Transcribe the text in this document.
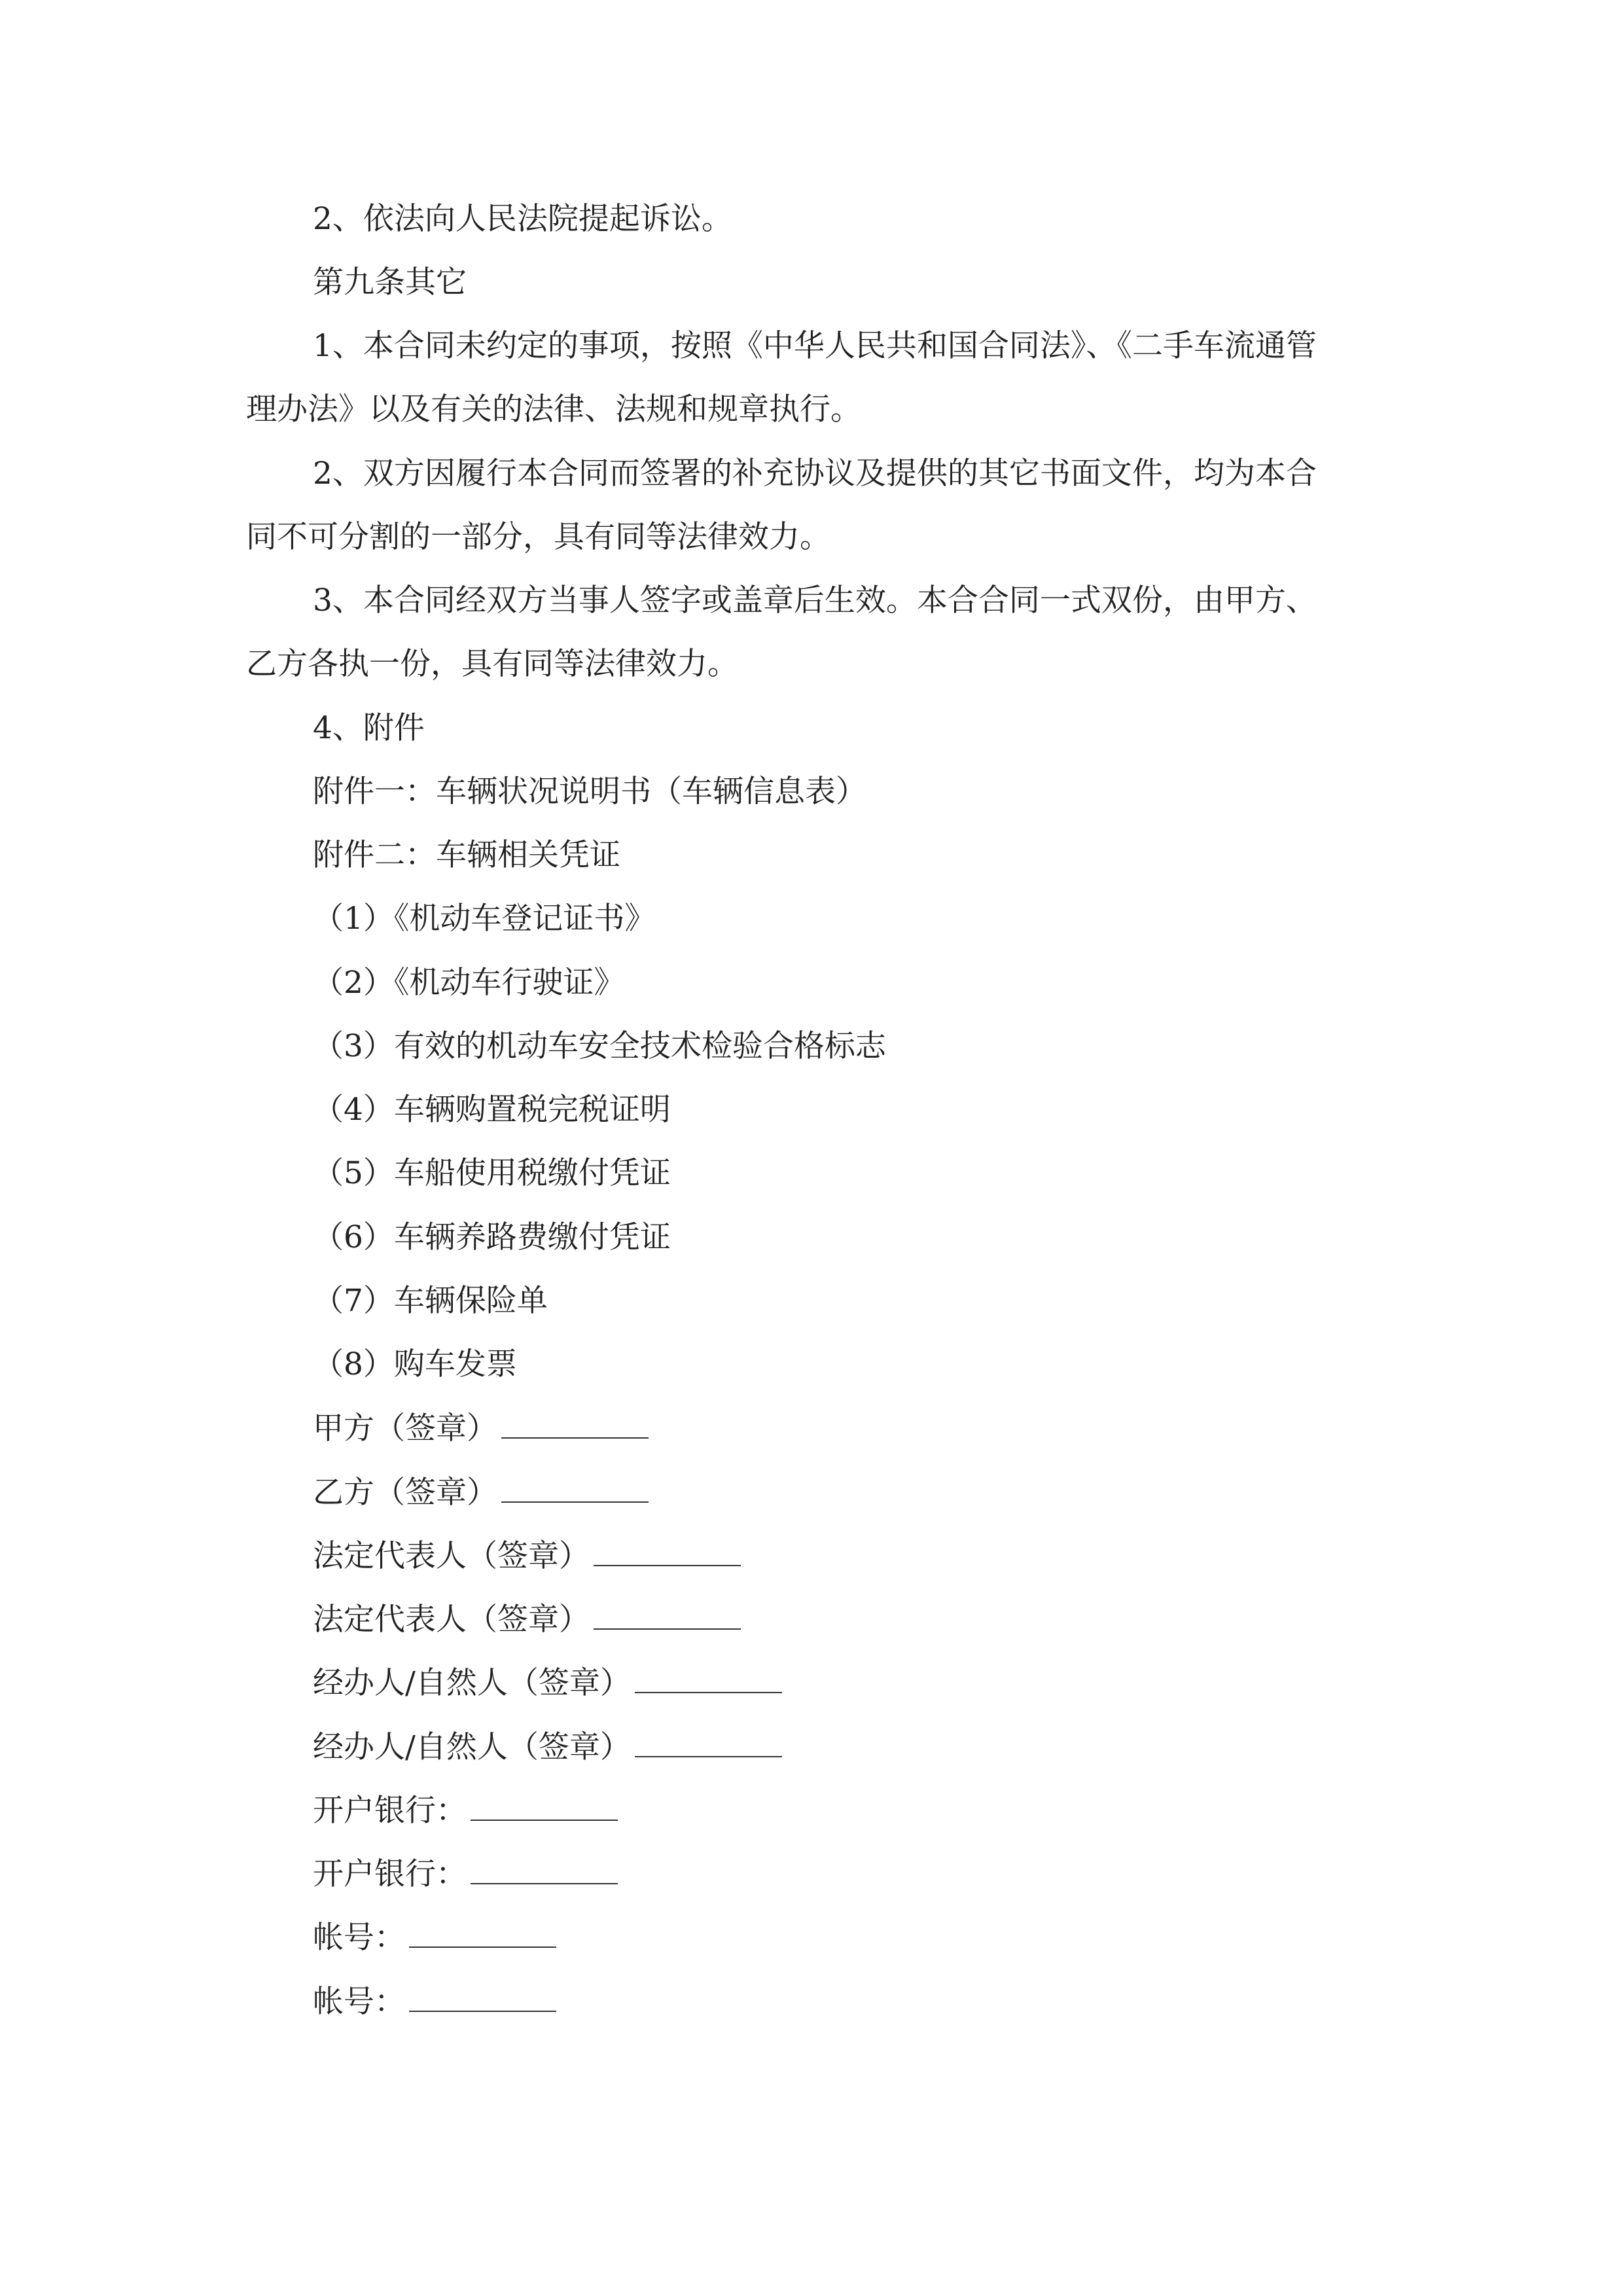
2、依法向人民法院提起诉讼。
第九条其它
1、本合同未约定的事项，按照《中华人民共和国合同法》、《二手车流通管
理办法》以及有关的法律、法规和规章执行。
2、双方因履行本合同而签署的补充协议及提供的其它书面文件，均为本合
同不可分割的一部分，具有同等法律效力。
3、本合同经双方当事人签字或盖章后生效。本合合同一式双份，由甲方、
乙方各执一份，具有同等法律效力。
4、附件
附件一：车辆状况说明书（车辆信息表）
附件二：车辆相关凭证
（1）《机动车登记证书》
（2）《机动车行驶证》
（3）有效的机动车安全技术检验合格标志
（4）车辆购置税完税证明
（5）车船使用税缴付凭证
（6）车辆养路费缴付凭证
（7）车辆保险单
（8）购车发票
甲方（签章）
乙方（签章）
法定代表人（签章）
法定代表人（签章）
经办人/自然人（签章）
经办人/自然人（签章）
开户银行：
开户银行：
帐号：
帐号：
